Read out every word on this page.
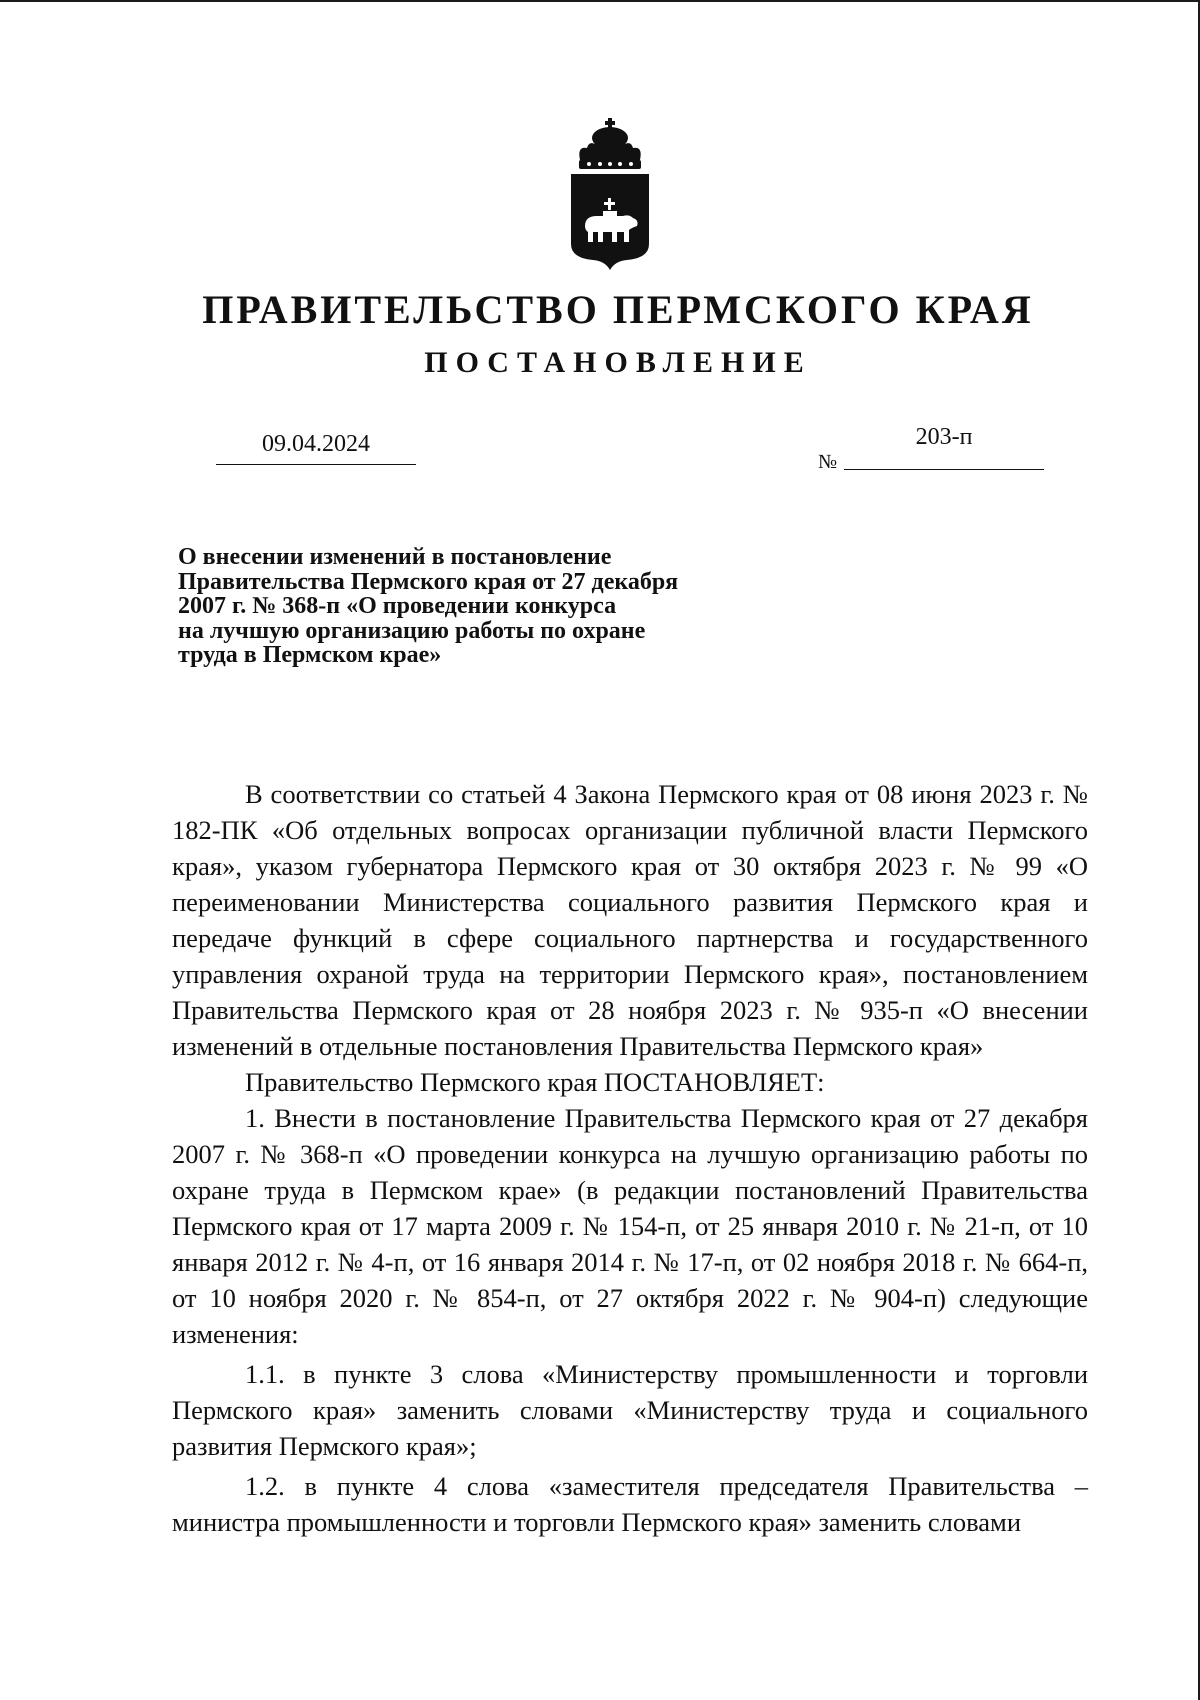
ПРАВИТЕЛЬСТВО ПЕРМСКОГО КРАЯ
ПОСТАНОВЛЕНИЕ
09.04.2024
№
203-п
О внесении изменений в постановление
Правительства Пермского края от 27 декабря
2007 г. № 368-п «О проведении конкурса
на лучшую организацию работы по охране
труда в Пермском крае»

В соответствии со статьей 4 Закона Пермского края от 08 июня 2023 г. № 182-ПК «Об отдельных вопросах организации публичной власти Пермского края», указом губернатора Пермского края от 30 октября 2023 г. № 99 «О переименовании Министерства социального развития Пермского края и передаче функций в сфере социального партнерства и государственного управления охраной труда на территории Пермского края», постановлением Правительства Пермского края от 28 ноября 2023 г. № 935-п «О внесении изменений в отдельные постановления Правительства Пермского края»

Правительство Пермского края ПОСТАНОВЛЯЕТ:

1. Внести в постановление Правительства Пермского края от 27 декабря 2007 г. № 368-п «О проведении конкурса на лучшую организацию работы по охране труда в Пермском крае» (в редакции постановлений Правительства Пермского края от 17 марта 2009 г. № 154-п, от 25 января 2010 г. № 21-п, от 10 января 2012 г. № 4-п, от 16 января 2014 г. № 17-п, от 02 ноября 2018 г. № 664-п, от 10 ноября 2020 г. № 854-п, от 27 октября 2022 г. № 904-п) следующие изменения:

1.1. в пункте 3 слова «Министерству промышленности и торговли Пермского края» заменить словами «Министерству труда и социального развития Пермского края»;

1.2. в пункте 4 слова «заместителя председателя Правительства – министра промышленности и торговли Пермского края» заменить словами
